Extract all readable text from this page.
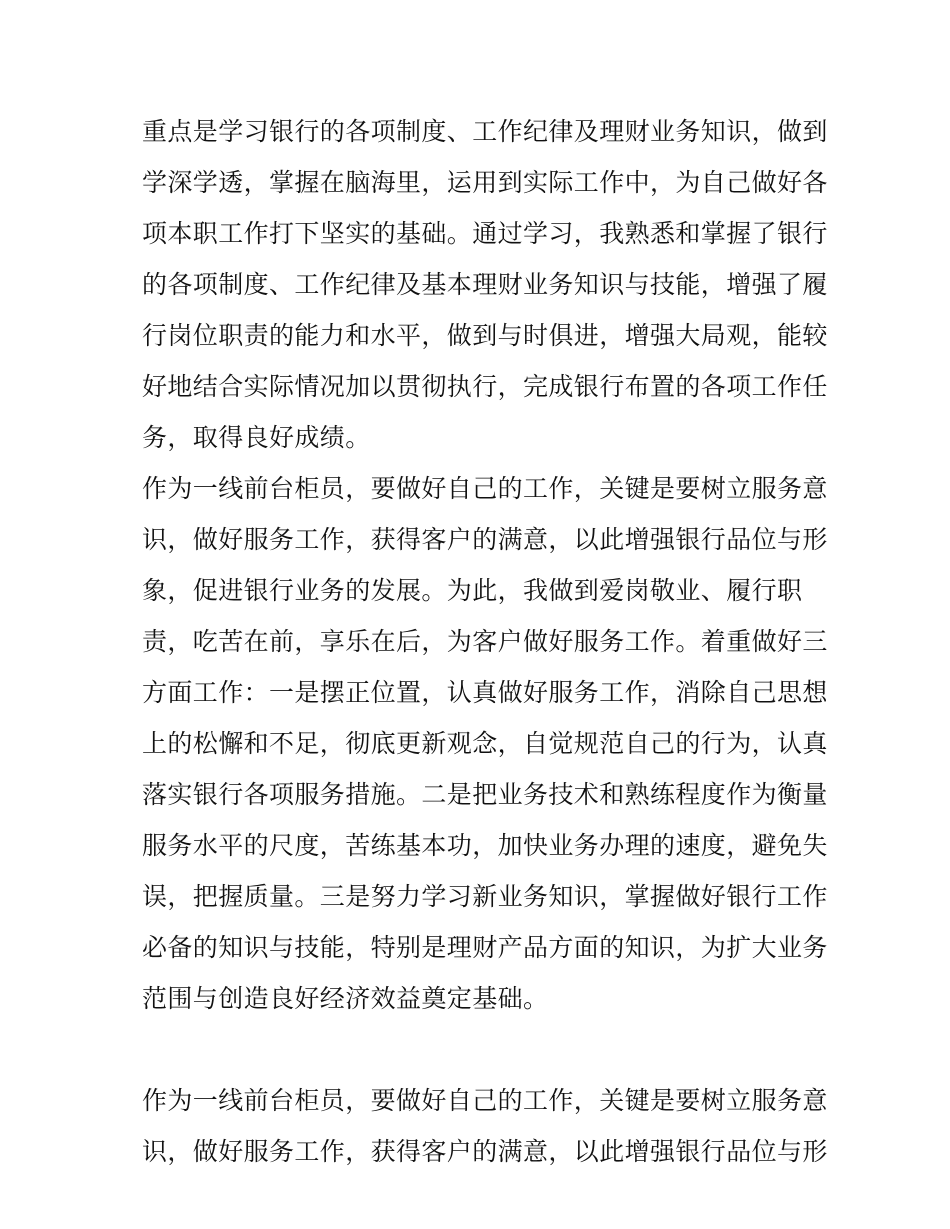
重点是学习银行的各项制度、工作纪律及理财业务知识，做到
学深学透，掌握在脑海里，运用到实际工作中，为自己做好各
项本职工作打下坚实的基础。通过学习，我熟悉和掌握了银行
的各项制度、工作纪律及基本理财业务知识与技能，增强了履
行岗位职责的能力和水平，做到与时俱进，增强大局观，能较
好地结合实际情况加以贯彻执行，完成银行布置的各项工作任
务，取得良好成绩。
作为一线前台柜员，要做好自己的工作，关键是要树立服务意
识，做好服务工作，获得客户的满意，以此增强银行品位与形
象，促进银行业务的发展。为此，我做到爱岗敬业、履行职
责，吃苦在前，享乐在后，为客户做好服务工作。着重做好三
方面工作：一是摆正位置，认真做好服务工作，消除自己思想
上的松懈和不足，彻底更新观念，自觉规范自己的行为，认真
落实银行各项服务措施。二是把业务技术和熟练程度作为衡量
服务水平的尺度，苦练基本功，加快业务办理的速度，避免失
误，把握质量。三是努力学习新业务知识，掌握做好银行工作
必备的知识与技能，特别是理财产品方面的知识，为扩大业务
范围与创造良好经济效益奠定基础。
作为一线前台柜员，要做好自己的工作，关键是要树立服务意
识，做好服务工作，获得客户的满意，以此增强银行品位与形
